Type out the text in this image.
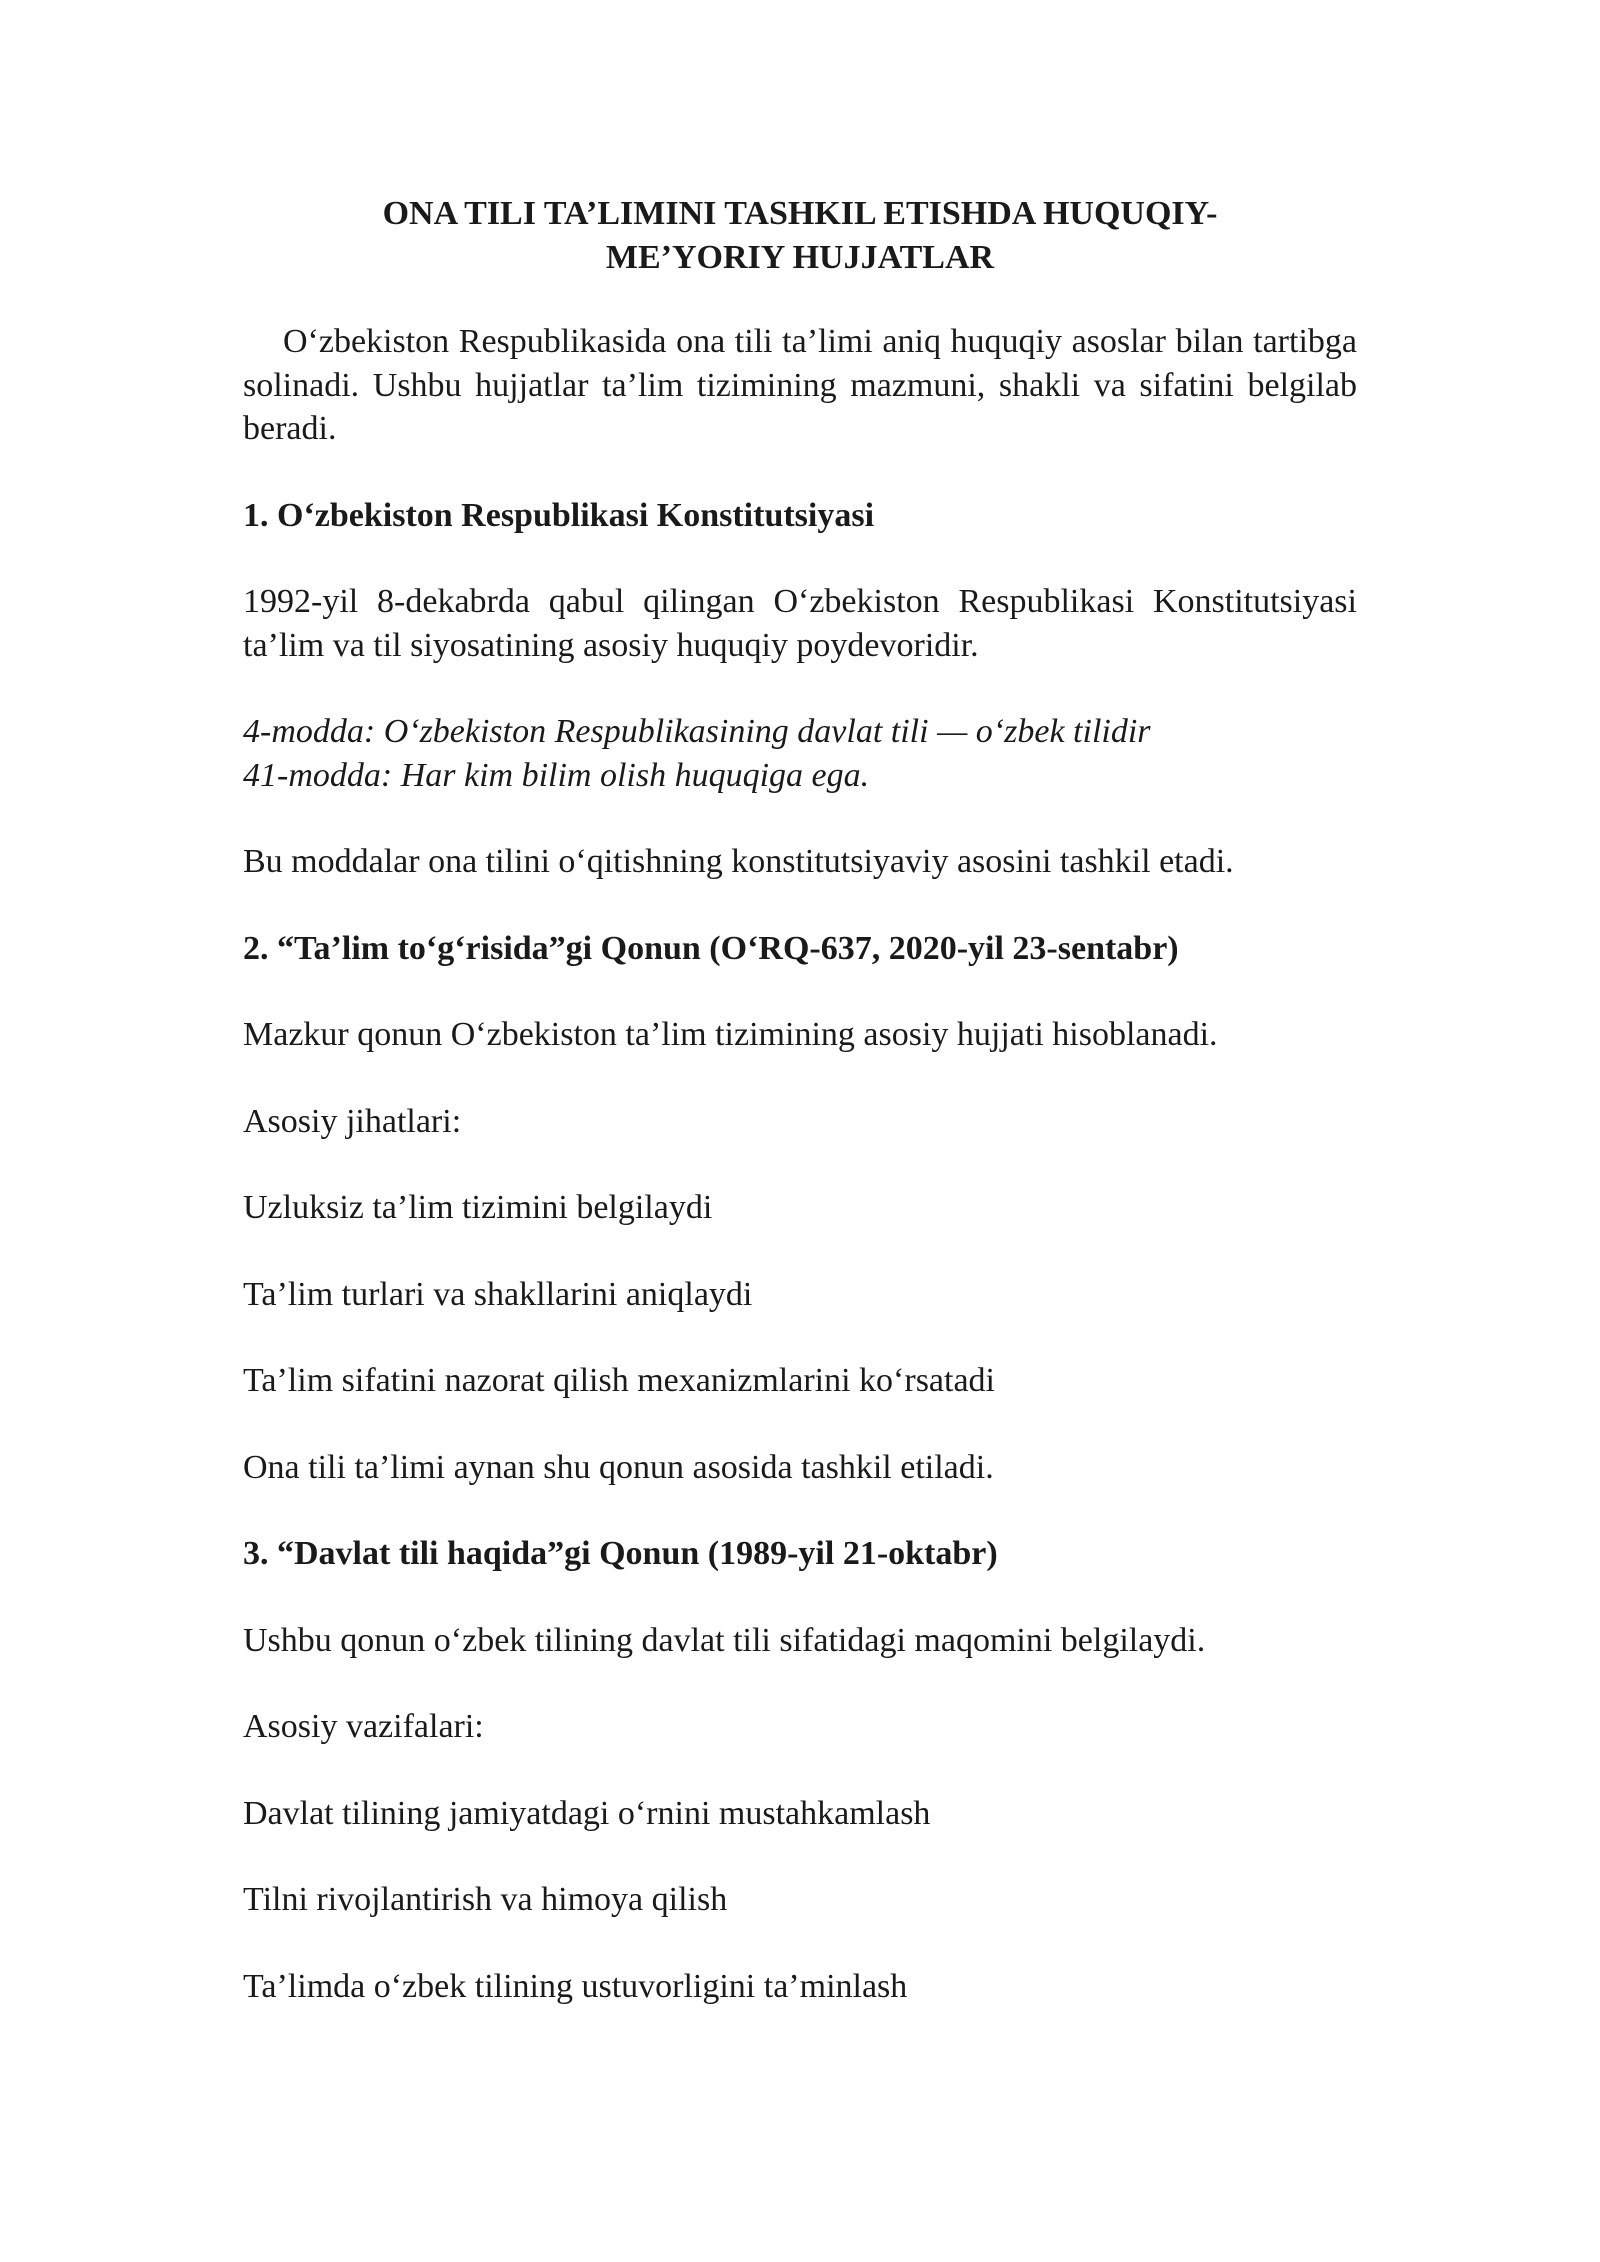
ONA TILI TA’LIMINI TASHKIL ETISHDA HUQUQIY-
ME’YORIY HUJJATLAR

O‘zbekiston Respublikasida ona tili ta’limi aniq huquqiy asoslar bilan tartibga solinadi. Ushbu hujjatlar ta’lim tizimining mazmuni, shakli va sifatini belgilab beradi.

1. O‘zbekiston Respublikasi Konstitutsiyasi

1992-yil 8-dekabrda qabul qilingan O‘zbekiston Respublikasi Konstitutsiyasi ta’lim va til siyosatining asosiy huquqiy poydevoridir.

4-modda: O‘zbekiston Respublikasining davlat tili — o‘zbek tilidir

41-modda: Har kim bilim olish huquqiga ega.

Bu moddalar ona tilini o‘qitishning konstitutsiyaviy asosini tashkil etadi.

2. “Ta’lim to‘g‘risida”gi Qonun (O‘RQ-637, 2020-yil 23-sentabr)

Mazkur qonun O‘zbekiston ta’lim tizimining asosiy hujjati hisoblanadi.

Asosiy jihatlari:

Uzluksiz ta’lim tizimini belgilaydi

Ta’lim turlari va shakllarini aniqlaydi

Ta’lim sifatini nazorat qilish mexanizmlarini ko‘rsatadi

Ona tili ta’limi aynan shu qonun asosida tashkil etiladi.

3. “Davlat tili haqida”gi Qonun (1989-yil 21-oktabr)

Ushbu qonun o‘zbek tilining davlat tili sifatidagi maqomini belgilaydi.

Asosiy vazifalari:

Davlat tilining jamiyatdagi o‘rnini mustahkamlash

Tilni rivojlantirish va himoya qilish

Ta’limda o‘zbek tilining ustuvorligini ta’minlash
